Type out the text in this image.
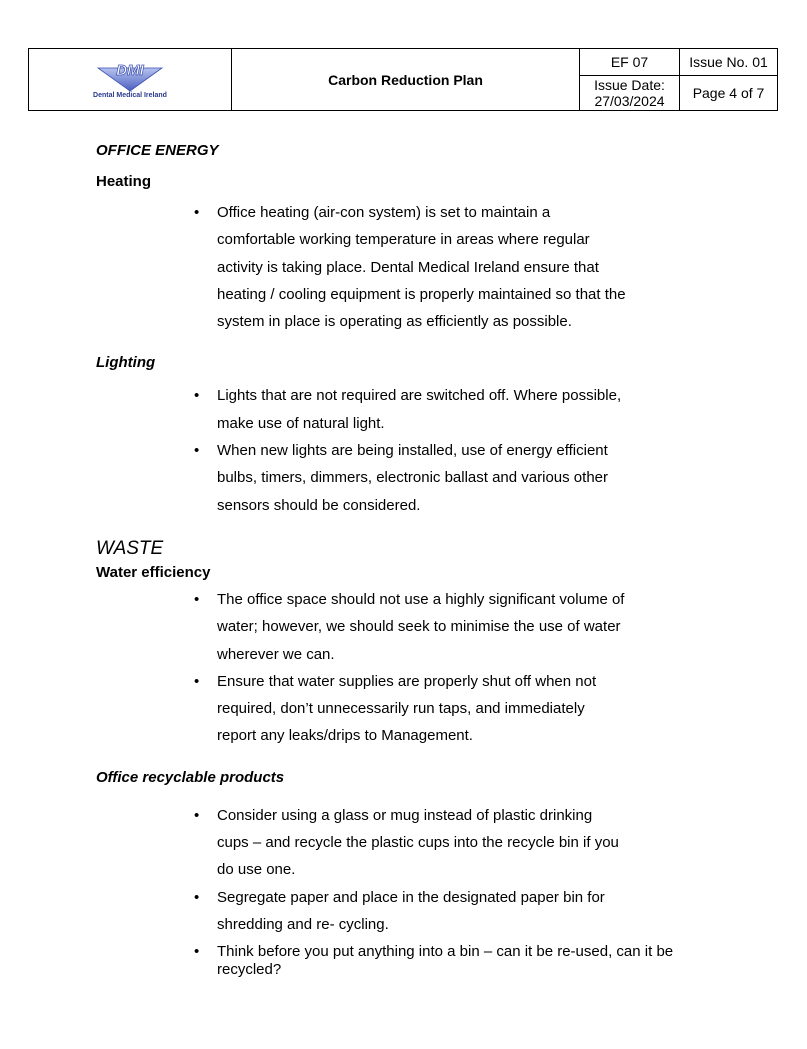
DMI
Dental Medical Ireland
Carbon Reduction Plan
EF 07	Issue No. 01
Issue Date:
27/03/2024	Page 4 of 7

OFFICE ENERGY

Heating

• Office heating (air-con system) is set to maintain a comfortable working temperature in areas where regular activity is taking place. Dental Medical Ireland ensure that heating / cooling equipment is properly maintained so that the system in place is operating as efficiently as possible.

Lighting

• Lights that are not required are switched off. Where possible, make use of natural light.
• When new lights are being installed, use of energy efficient bulbs, timers, dimmers, electronic ballast and various other sensors should be considered.

WASTE

Water efficiency

• The office space should not use a highly significant volume of water; however, we should seek to minimise the use of water wherever we can.
• Ensure that water supplies are properly shut off when not required, don’t unnecessarily run taps, and immediately report any leaks/drips to Management.

Office recyclable products

• Consider using a glass or mug instead of plastic drinking cups – and recycle the plastic cups into the recycle bin if you do use one.
• Segregate paper and place in the designated paper bin for shredding and re- cycling.
• Think before you put anything into a bin – can it be re-used, can it be recycled?
